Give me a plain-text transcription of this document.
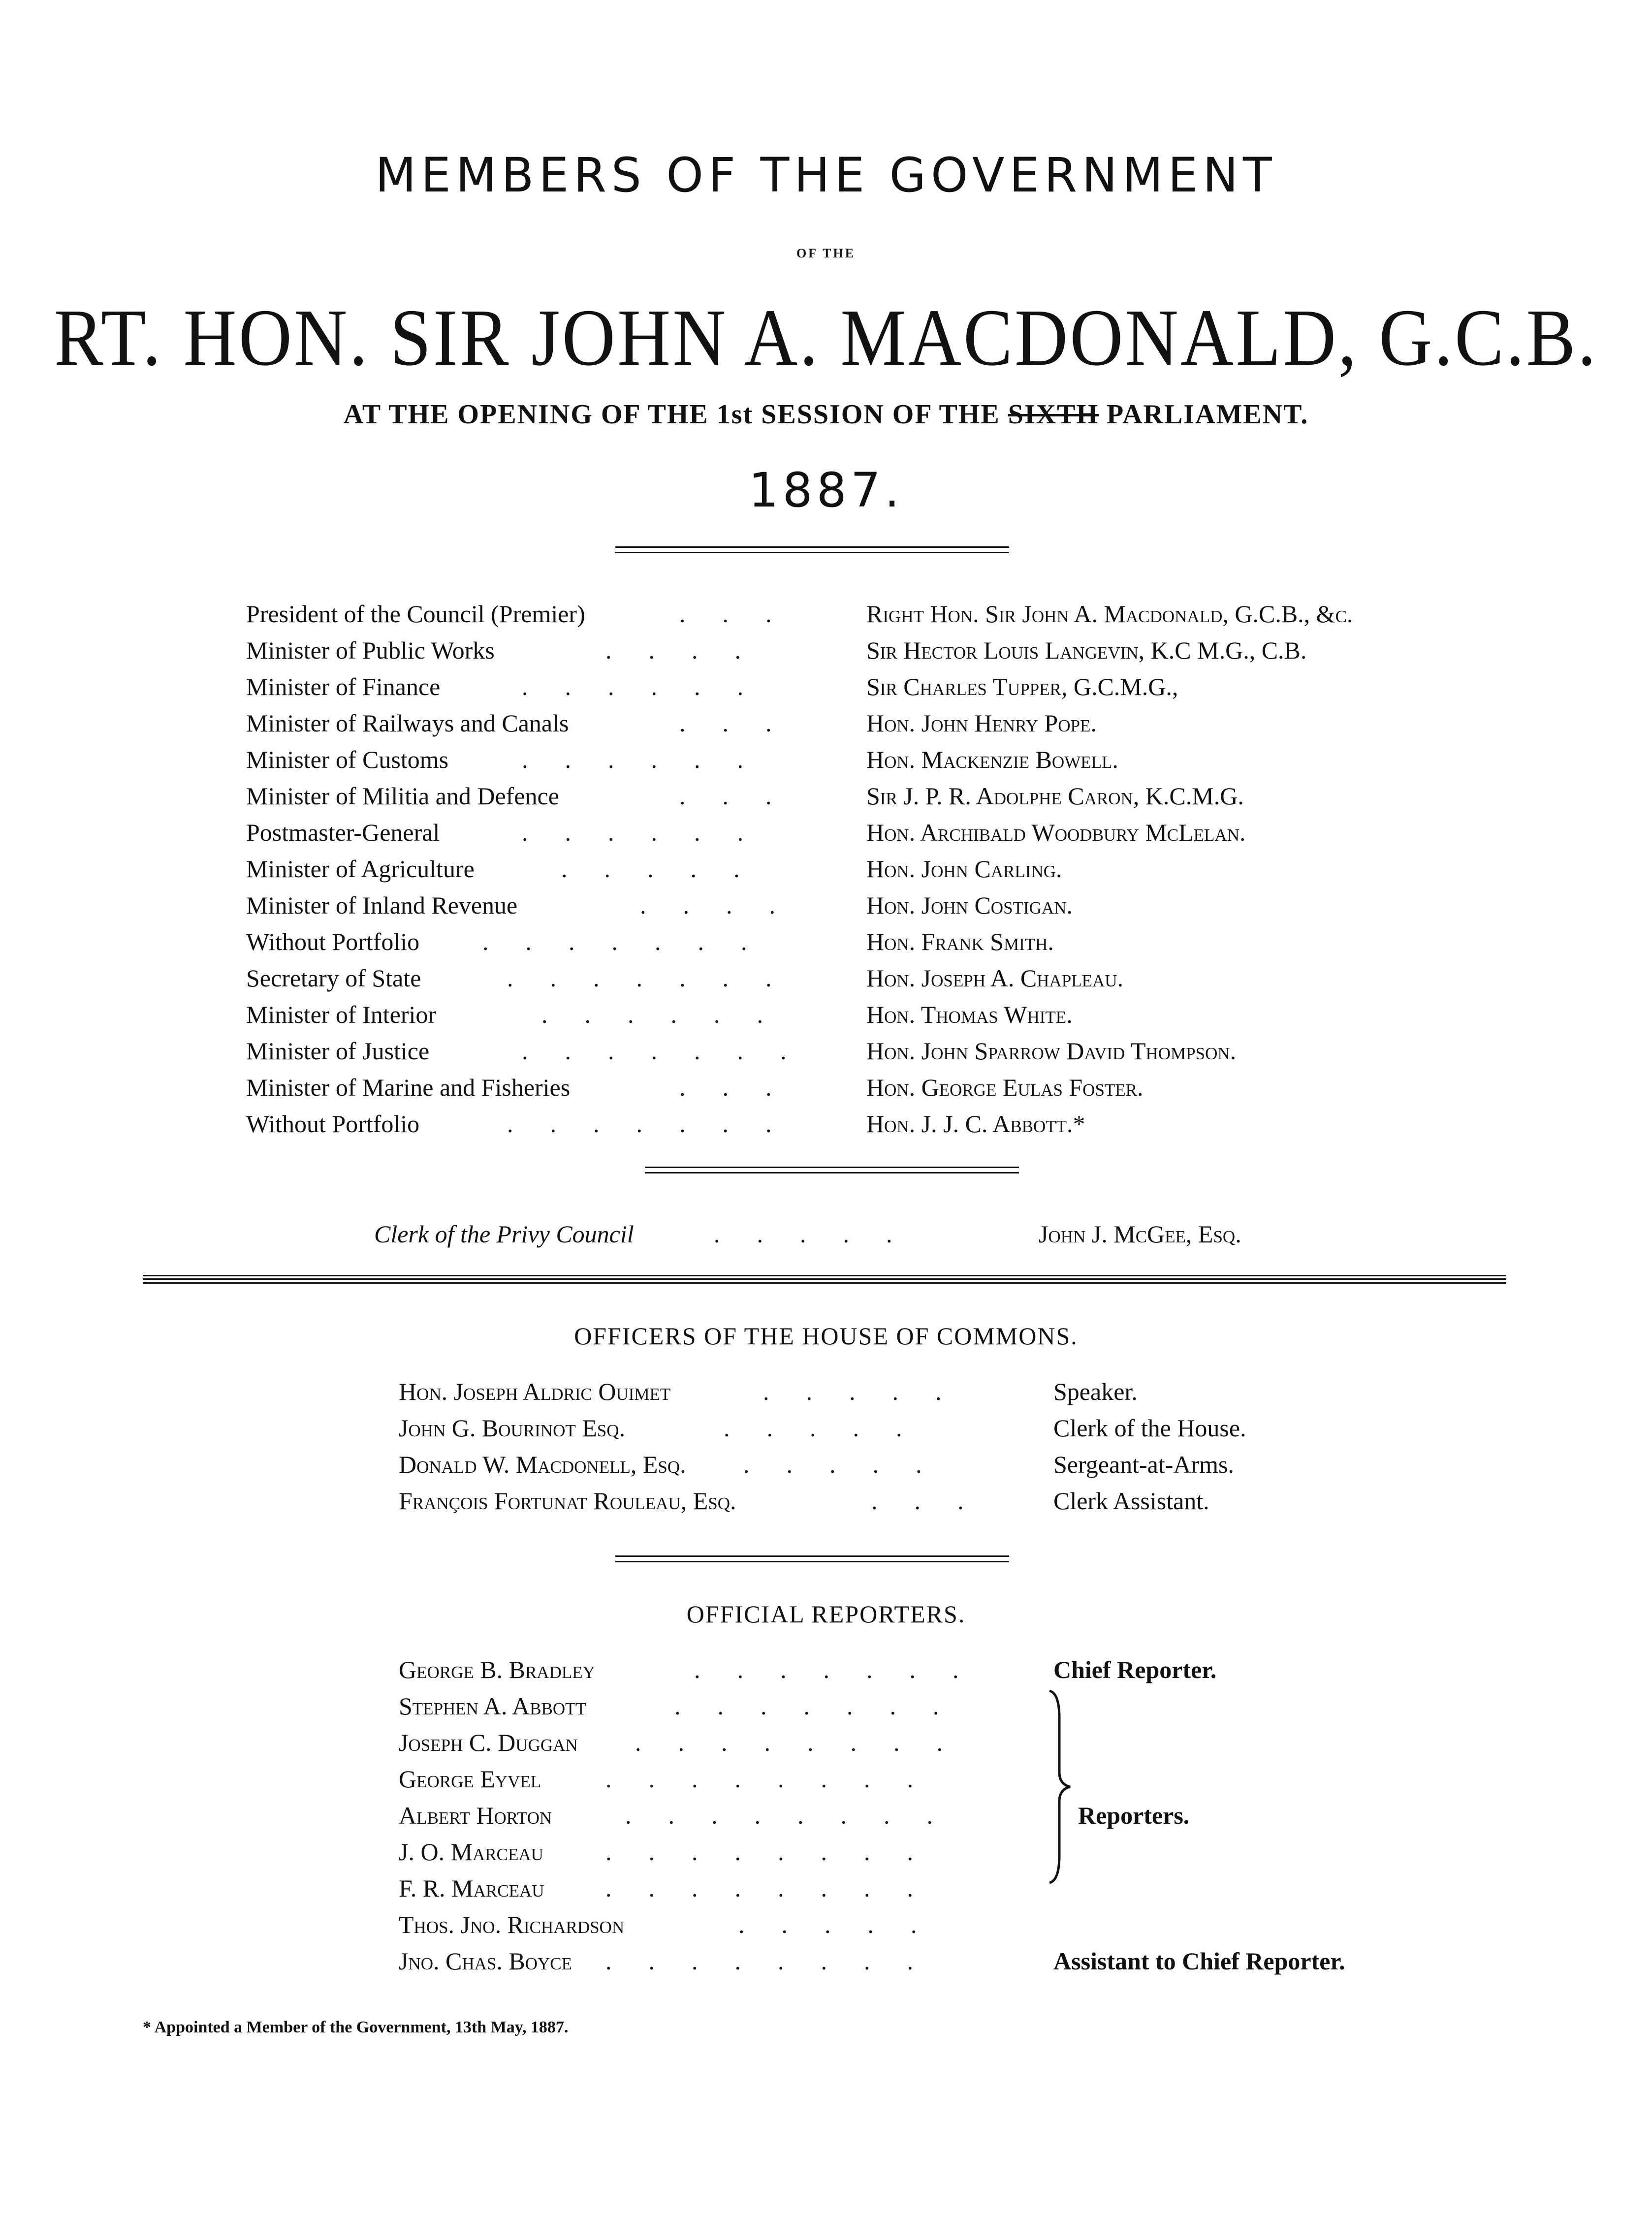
MEMBERS OF THE GOVERNMENT
OF THE
RT. HON. SIR JOHN A. MACDONALD, G.C.B.
AT THE OPENING OF THE 1st SESSION OF THE SIXTH PARLIAMENT.
1887.
President of the Council (Premier)	.      .      .	Right Hon. Sir John A. Macdonald, G.C.B., &c.
Minister of Public Works	.      .      .      .	Sir Hector Louis Langevin, K.C M.G., C.B.
Minister of Finance	.      .      .      .      .      .	Sir Charles Tupper, G.C.M.G.,
Minister of Railways and Canals	.      .      .	Hon. John Henry Pope.
Minister of Customs	.      .      .      .      .      .	Hon. Mackenzie Bowell.
Minister of Militia and Defence	.      .      .	Sir J. P. R. Adolphe Caron, K.C.M.G.
Postmaster-General	.      .      .      .      .      .	Hon. Archibald Woodbury McLelan.
Minister of Agriculture	.      .      .      .      .	Hon. John Carling.
Minister of Inland Revenue	.      .      .      .	Hon. John Costigan.
Without Portfolio	.      .      .      .      .      .      .	Hon. Frank Smith.
Secretary of State	.      .      .      .      .      .      .	Hon. Joseph A. Chapleau.
Minister of Interior	.      .      .      .      .      .	Hon. Thomas White.
Minister of Justice	.      .      .      .      .      .      .	Hon. John Sparrow David Thompson.
Minister of Marine and Fisheries	.      .      .	Hon. George Eulas Foster.
Without Portfolio	.      .      .      .      .      .      .	Hon. J. J. C. Abbott.*
Clerk of the Privy Council	.      .      .      .      .	John J. McGee, Esq.
OFFICERS OF THE HOUSE OF COMMONS.
Hon. Joseph Aldric Ouimet	.      .      .      .      .	Speaker.
John G. Bourinot Esq.	.      .      .      .      .	Clerk of the House.
Donald W. Macdonell, Esq. .      .      .      .      .	Sergeant-at-Arms.
François Fortunat Rouleau, Esq.	.      .      .	Clerk Assistant.
OFFICIAL REPORTERS.
George B. Bradley	.      .      .      .      .      .      .	Chief Reporter.
Stephen A. Abbott	.      .      .      .      .      .      .
Joseph C. Duggan .      .      .      .      .      .      .      .
George Eyvel	.      .      .      .      .      .      .      .
Albert Horton	.      .      .      .      .      .      .      .	Reporters.
J. O. Marceau	.      .      .      .      .      .      .      .
F. R. Marceau .      .      .      .      .      .      .      .
Thos. Jno. Richardson	.      .      .      .      .
Jno. Chas. Boyce .      .      .      .      .      .      .      .	Assistant to Chief Reporter.
* Appointed a Member of the Government, 13th May, 1887.
